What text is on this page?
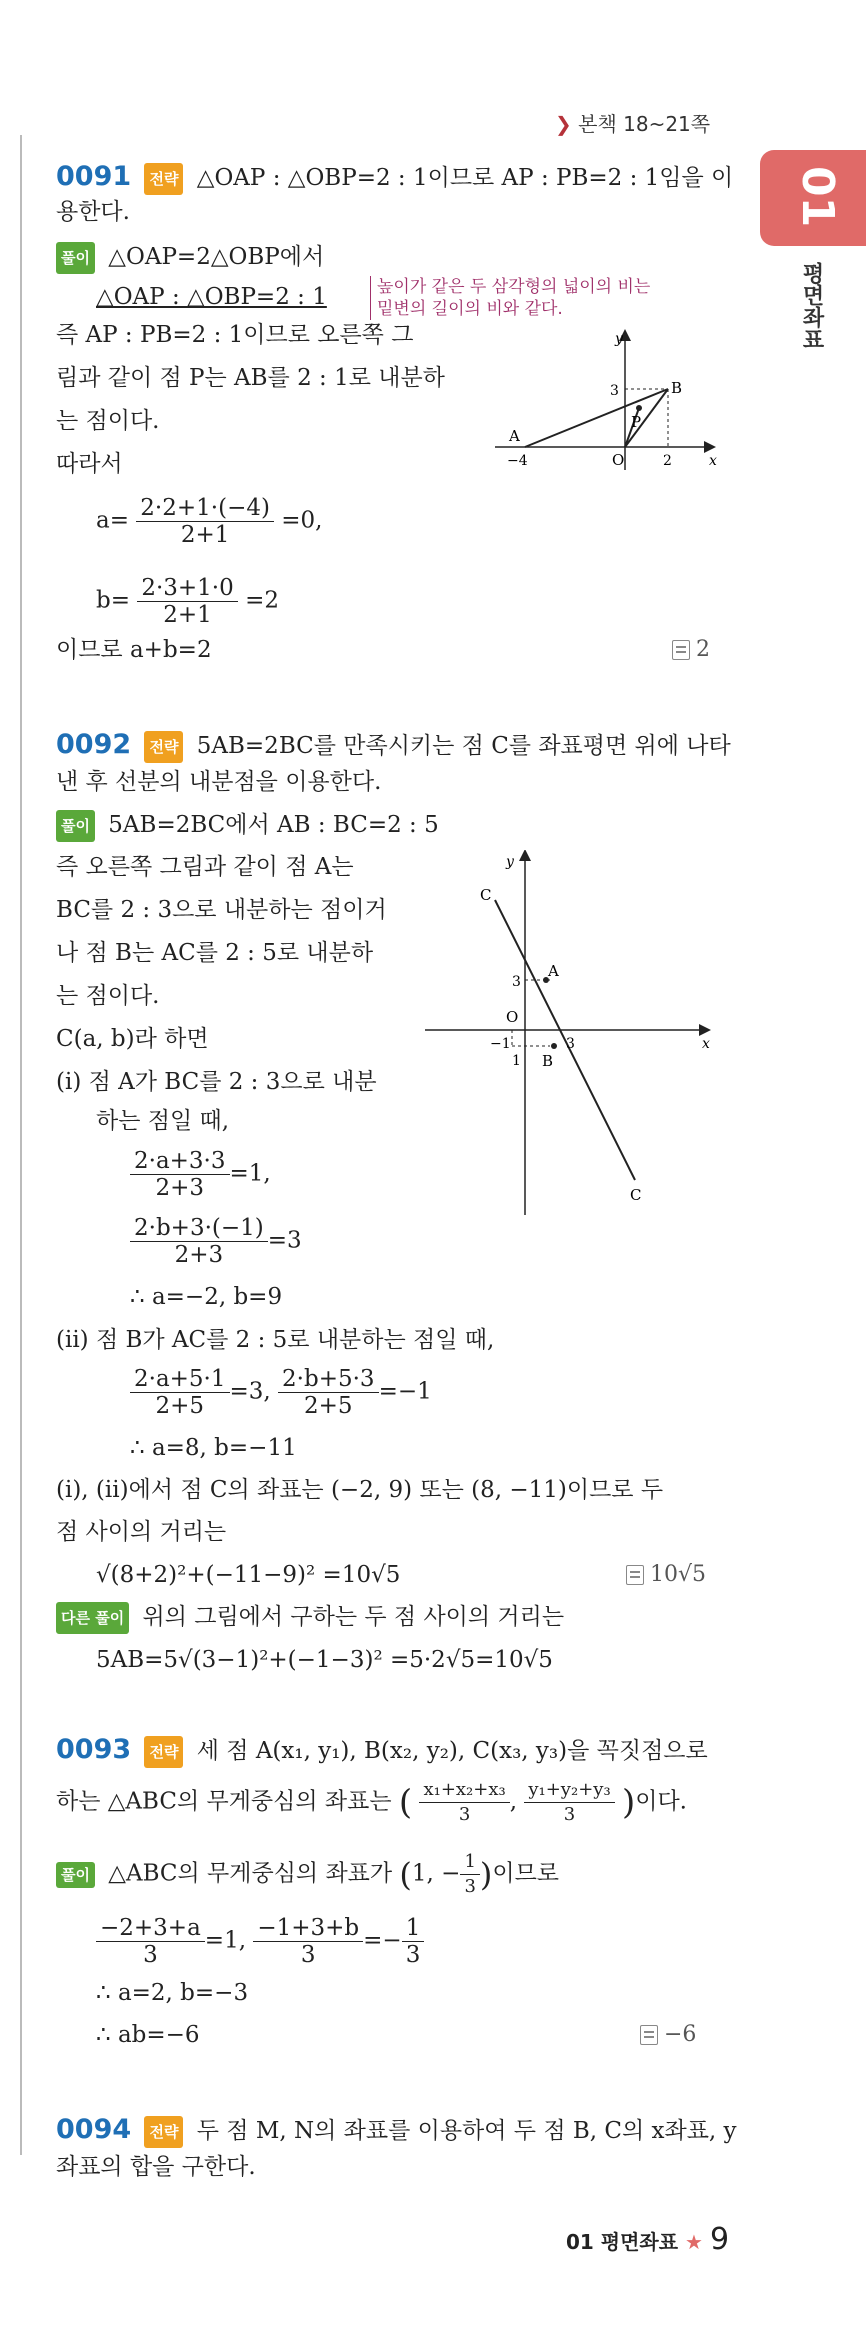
❯ 본책 18~21쪽
01
평면좌표
0091 전략 △OAP : △OBP=2 : 1이므로 AP : PB=2 : 1임을 이
용한다.
풀이 △OAP=2△OBP에서
△OAP : △OBP=2 : 1	높이가 같은 두 삼각형의 넓이의 비는
밑변의 길이의 비와 같다.
즉 AP : PB=2 : 1이므로 오른쪽 그
림과 같이 점 P는 AB를 2 : 1로 내분하
는 점이다.
따라서
$a= \frac{2\cdot 2+1\cdot(-4)}{2+1} =0$,
$b= \frac{2\cdot 3+1\cdot 0}{2+1} =2$
이므로 a+b=2	2
y
x
O
A
B
P
−4	2
3
0092 전략 5AB=2BC를 만족시키는 점 C를 좌표평면 위에 나타
낸 후 선분의 내분점을 이용한다.
풀이 5AB=2BC에서 AB : BC=2 : 5
즉 오른쪽 그림과 같이 점 A는
BC를 2 : 3으로 내분하는 점이거
나 점 B는 AC를 2 : 5로 내분하
는 점이다.
C(a, b)라 하면
(i) 점 A가 BC를 2 : 3으로 내분
하는 점일 때,
$\frac{2\cdot a+3\cdot 3}{2+3} =1$,
$\frac{2\cdot b+3\cdot(-1)}{2+3} =3$
∴ a=−2, b=9
(ii) 점 B가 AC를 2 : 5로 내분하는 점일 때,
$\frac{2\cdot a+5\cdot 1}{2+5} =3$, $\frac{2\cdot b+5\cdot 3}{2+5} =-1$
∴ a=8, b=−11
(i), (ii)에서 점 C의 좌표는 (−2, 9) 또는 (8, −11)이므로 두
점 사이의 거리는
√(8+2)²+(−11−9)² =10√5	10√5
다른 풀이 위의 그림에서 구하는 두 점 사이의 거리는
5AB=5√(3−1)²+(−1−3)² =5·2√5=10√5
y
x
O
A
B
C
C
3
−1
1
3
0093 전략 세 점 A(x₁, y₁), B(x₂, y₂), C(x₃, y₃)을 꼭짓점으로
하는 △ABC의 무게중심의 좌표는 ( $\frac{\text{x₁+x₂+x₃}}{3}$ , $\frac{\text{y₁+y₂+y₃}}{3}$ )이다.
풀이 △ABC의 무게중심의 좌표가 (1, − $\frac{1}{3}$ )이므로
$\frac{-2+3+a}{3} =1$, $\frac{-1+3+b}{3} =- \frac{1}{3}$
∴ a=2, b=−3
∴ ab=−6	−6
0094 전략 두 점 M, N의 좌표를 이용하여 두 점 B, C의 x좌표, y
좌표의 합을 구한다.
01 평면좌표 ★ 9
